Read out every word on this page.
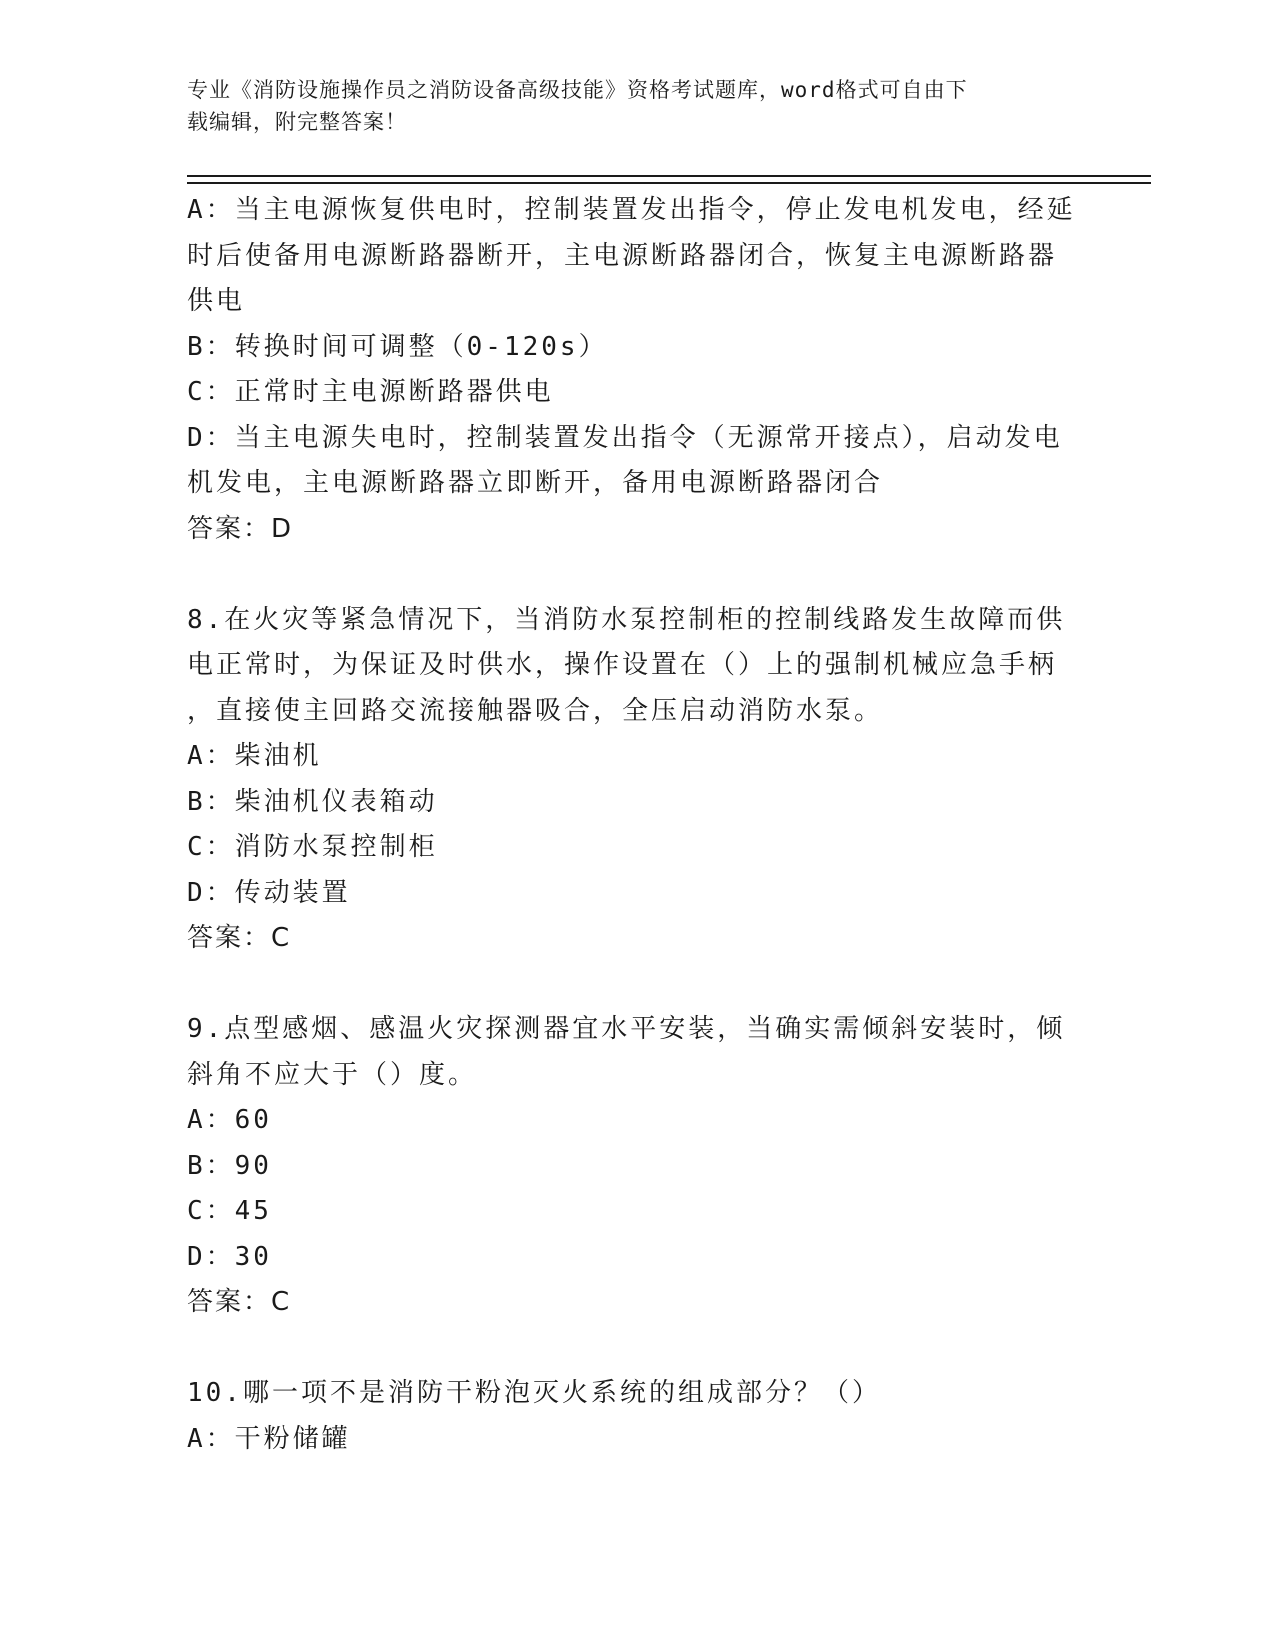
专业《消防设施操作员之消防设备高级技能》资格考试题库，word格式可自由下
载编辑，附完整答案！
A：当主电源恢复供电时，控制装置发出指令，停止发电机发电，经延
时后使备用电源断路器断开，主电源断路器闭合，恢复主电源断路器
供电
B：转换时间可调整（0-120s）
C：正常时主电源断路器供电
D：当主电源失电时，控制装置发出指令（无源常开接点），启动发电
机发电，主电源断路器立即断开，备用电源断路器闭合
答案：D
8.在火灾等紧急情况下，当消防水泵控制柜的控制线路发生故障而供
电正常时，为保证及时供水，操作设置在（）上的强制机械应急手柄
，直接使主回路交流接触器吸合，全压启动消防水泵。
A：柴油机
B：柴油机仪表箱动
C：消防水泵控制柜
D：传动装置
答案：C
9.点型感烟、感温火灾探测器宜水平安装，当确实需倾斜安装时，倾
斜角不应大于（）度。
A：60
B：90
C：45
D：30
答案：C
10.哪一项不是消防干粉泡灭火系统的组成部分？（）
A：干粉储罐
